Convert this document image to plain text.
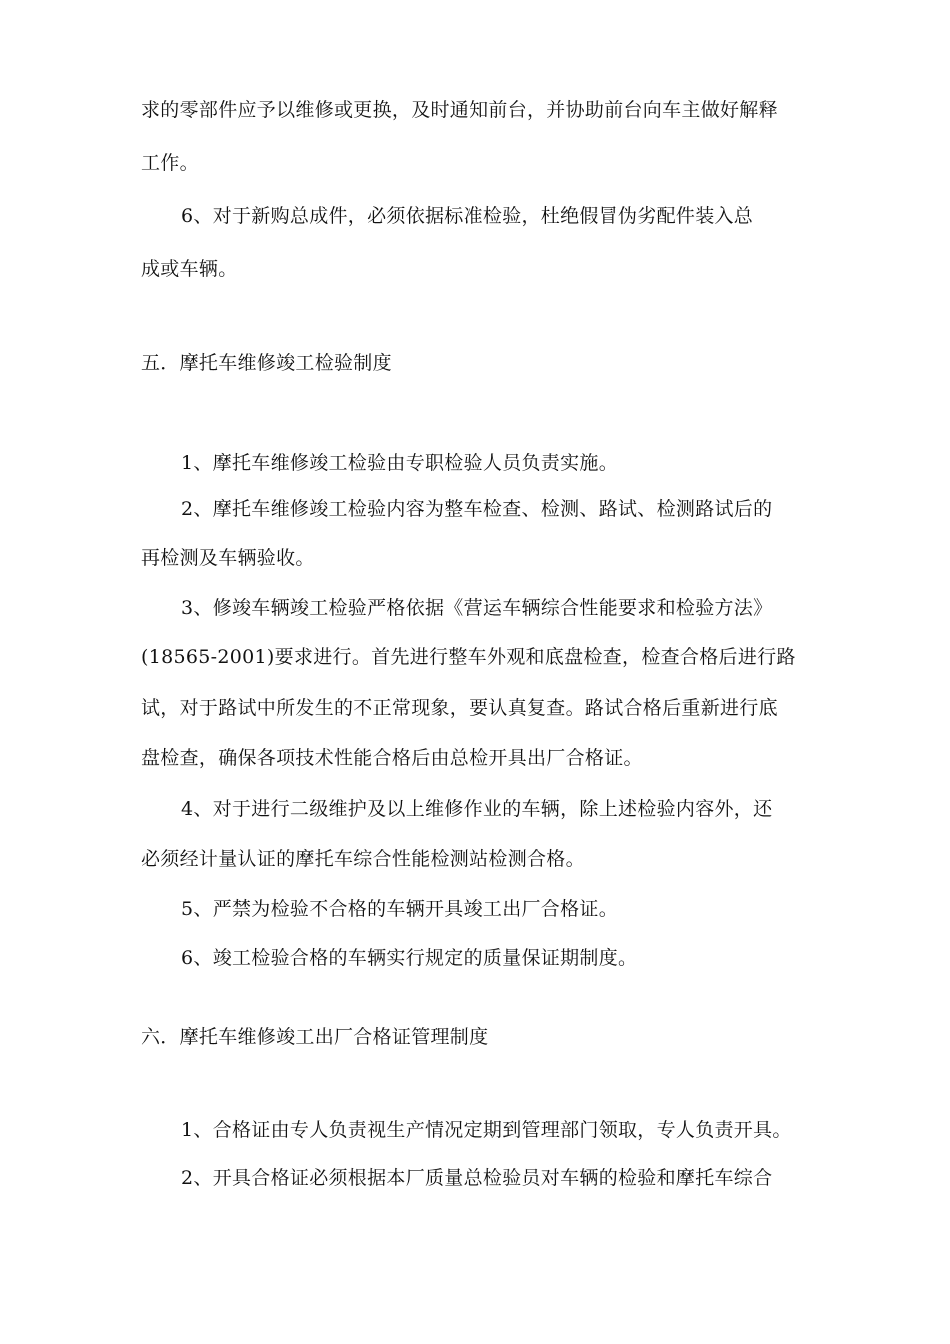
求的零部件应予以维修或更换，及时通知前台，并协助前台向车主做好解释
工作。
6、对于新购总成件，必须依据标准检验，杜绝假冒伪劣配件装入总
成或车辆。
五．摩托车维修竣工检验制度
1、摩托车维修竣工检验由专职检验人员负责实施。
2、摩托车维修竣工检验内容为整车检查、检测、路试、检测路试后的
再检测及车辆验收。
3、修竣车辆竣工检验严格依据《营运车辆综合性能要求和检验方法》
(18565-2001)要求进行。首先进行整车外观和底盘检查，检查合格后进行路
试，对于路试中所发生的不正常现象，要认真复查。路试合格后重新进行底
盘检查，确保各项技术性能合格后由总检开具出厂合格证。
4、对于进行二级维护及以上维修作业的车辆，除上述检验内容外，还
必须经计量认证的摩托车综合性能检测站检测合格。
5、严禁为检验不合格的车辆开具竣工出厂合格证。
6、竣工检验合格的车辆实行规定的质量保证期制度。
六．摩托车维修竣工出厂合格证管理制度
1、合格证由专人负责视生产情况定期到管理部门领取，专人负责开具。
2、开具合格证必须根据本厂质量总检验员对车辆的检验和摩托车综合
